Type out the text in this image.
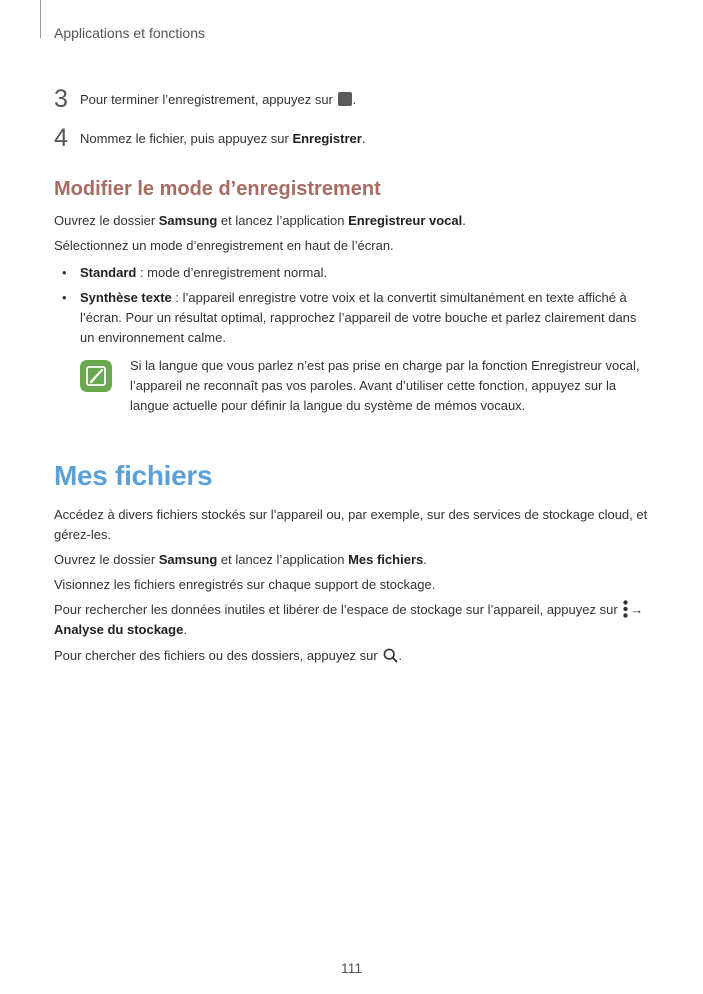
Applications et fonctions
3 Pour terminer l’enregistrement, appuyez sur .
4 Nommez le fichier, puis appuyez sur Enregistrer.
Modifier le mode d’enregistrement
Ouvrez le dossier Samsung et lancez l’application Enregistreur vocal.
Sélectionnez un mode d’enregistrement en haut de l’écran.
• Standard : mode d’enregistrement normal.
• Synthèse texte : l’appareil enregistre votre voix et la convertit simultanément en texte affiché à l’écran. Pour un résultat optimal, rapprochez l’appareil de votre bouche et parlez clairement dans un environnement calme.
Si la langue que vous parlez n’est pas prise en charge par la fonction Enregistreur vocal, l’appareil ne reconnaît pas vos paroles. Avant d’utiliser cette fonction, appuyez sur la langue actuelle pour définir la langue du système de mémos vocaux.
Mes fichiers
Accédez à divers fichiers stockés sur l’appareil ou, par exemple, sur des services de stockage cloud, et gérez-les.
Ouvrez le dossier Samsung et lancez l’application Mes fichiers.
Visionnez les fichiers enregistrés sur chaque support de stockage.
Pour rechercher les données inutiles et libérer de l’espace de stockage sur l’appareil, appuyez sur →
Analyse du stockage.
Pour chercher des fichiers ou des dossiers, appuyez sur .
111
